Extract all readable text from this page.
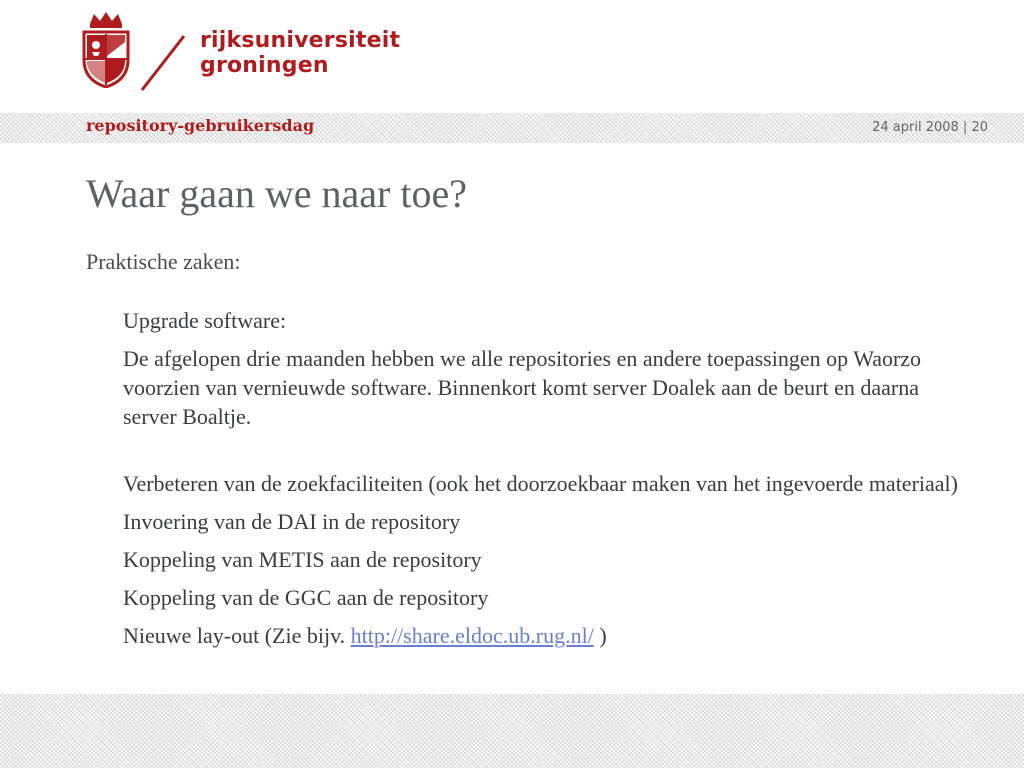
rijksuniversiteit
groningen
repository-gebruikersdag	24 april 2008 | 20
Waar gaan we naar toe?
Praktische zaken:

Upgrade software:

De afgelopen drie maanden hebben we alle repositories en andere toepassingen op Waorzo voorzien van vernieuwde software. Binnenkort komt server Doalek aan de beurt en daarna server Boaltje.

Verbeteren van de zoekfaciliteiten (ook het doorzoekbaar maken van het ingevoerde materiaal)

Invoering van de DAI in de repository

Koppeling van METIS aan de repository

Koppeling van de GGC aan de repository

Nieuwe lay-out (Zie bijv. http://share.eldoc.ub.rug.nl/ )
